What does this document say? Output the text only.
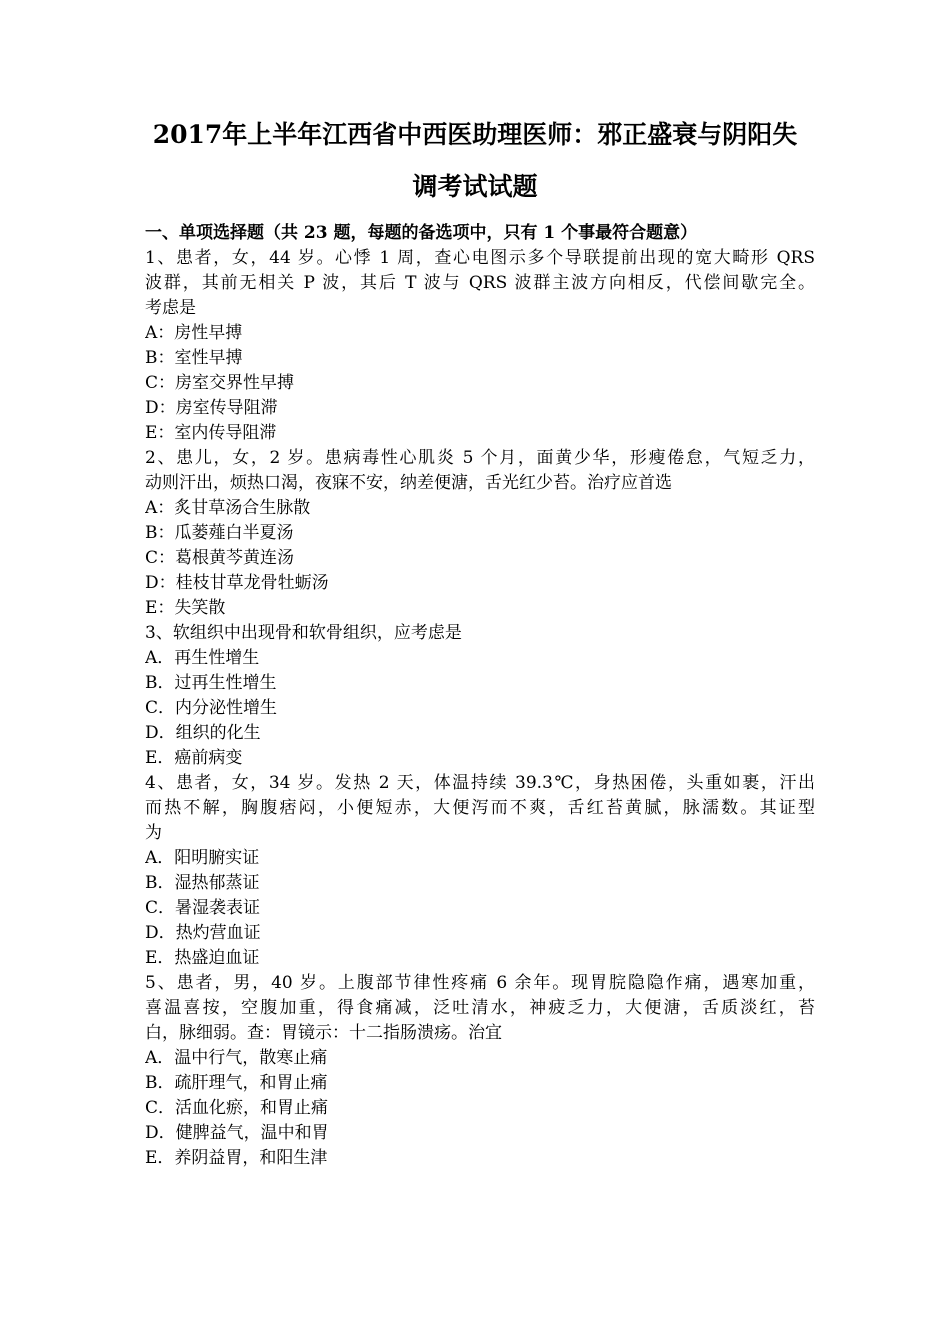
2017年上半年江西省中西医助理医师：邪正盛衰与阴阳失
调考试试题
一、单项选择题（共 23 题，每题的备选项中，只有 1 个事最符合题意）
1、患者，女，44 岁。心悸 1 周，查心电图示多个导联提前出现的宽大畸形 QRS
波群，其前无相关 P 波，其后 T 波与 QRS 波群主波方向相反，代偿间歇完全。
考虑是
A：房性早搏
B：室性早搏
C：房室交界性早搏
D：房室传导阻滞
E：室内传导阻滞
2、患儿，女，2 岁。患病毒性心肌炎 5 个月，面黄少华，形瘦倦怠，气短乏力，
动则汗出，烦热口渴，夜寐不安，纳差便溏，舌光红少苔。治疗应首选
A：炙甘草汤合生脉散
B：瓜蒌薤白半夏汤
C：葛根黄芩黄连汤
D：桂枝甘草龙骨牡蛎汤
E：失笑散
3、软组织中出现骨和软骨组织，应考虑是
A．再生性增生
B．过再生性增生
C．内分泌性增生
D．组织的化生
E．癌前病变
4、患者，女，34 岁。发热 2 天，体温持续 39.3℃，身热困倦，头重如裹，汗出
而热不解，胸腹痞闷，小便短赤，大便泻而不爽，舌红苔黄腻，脉濡数。其证型
为
A．阳明腑实证
B．湿热郁蒸证
C．暑湿袭表证
D．热灼营血证
E．热盛迫血证
5、患者，男，40 岁。上腹部节律性疼痛 6 余年。现胃脘隐隐作痛，遇寒加重，
喜温喜按，空腹加重，得食痛减，泛吐清水，神疲乏力，大便溏，舌质淡红，苔
白，脉细弱。查：胃镜示：十二指肠溃疡。治宜
A．温中行气，散寒止痛
B．疏肝理气，和胃止痛
C．活血化瘀，和胃止痛
D．健脾益气，温中和胃
E．养阴益胃，和阳生津
